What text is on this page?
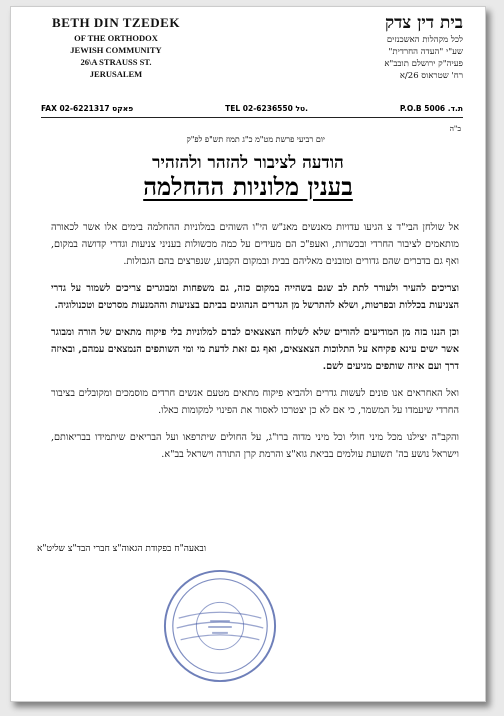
BETH DIN TZEDEK
OF THE ORTHODOX
JEWISH COMMUNITY
26\A STRAUSS ST.
JERUSALEM
בית דין צדק
לכל מקהלות האשכנזים
שע"י "העדה החרדית"
פעיה"ק ירושלם תובב"א
רח' שטראוס 26/א
FAX 02-6221317 פאקס	TEL 02-6236550 טל.	P.O.B 5006 .ת.ד
ב"ה
יום רביעי פרשת מט"מ כ"ג תמוז תש"פ לפ"ק
הודעה לציבור להזהר ולהזהיר
בענין מלוניות ההחלמה

אל שולחן הבי"ד צ הגיעו עדויות מאנשים מאנ"ש הי"ו השוהים במלוניות ההחלמה בימים אלו אשר לכאורה מותאמים לציבור החרדי ובכשרות, ואעפ"כ הם מעידים על כמה מכשולות בעניני צניעות וגדרי קדושה במקום, ואף גם בדברים שהם גדורים ומובנים מאליהם בבית ובמקום הקבוע, שנפרצים בהם הגבולות.

וצריכים להעיר ולעורר לתת לב שגם בשהייה במקום כזה, גם משפחות ומבוגרים צריכים לשמור על גדרי הצניעות בכללות ובפרטות, ושלא להתרשל מן הגדרים הנהוגים בביתם בצניעות וההמנעות מסרטים וטכנולוגיה.

וכן הננו בזה מן המודיעים להורים שלא לשלוח הצאצאים לבדם למלוניות בלי פיקוח מתאים של הורה ומבוגר אשר ישים עינא פקיחא על התלוכות הצאצאים, ואף גם זאת לדעת מי ומי השותפים הנמצאים עמהם, ובאיזה דרך ועם איזה שותפים מגיעים לשם.

ואל האחראים אנו פונים לעשות גדרים ולהביא פיקוח מתאים מטעם אנשים חרדים מוסמכים ומקובלים בציבור החרדי שיעמדו על המשמר, כי אם לא כן יצטרכו לאסור את הפינוי למקומות כאלו.

והקב"ה יצילנו מכל מיני חולי וכל מיני מדוה ברו"ג, על החולים שיתרפאו ועל הבריאים שיתמידו בבריאותם, וישראל נושע בה' תשועת עולמים בביאת גוא"צ והרמת קרן התורה וישראל בב"א.

ובאעה"ח בפקודת הגאוה"צ חברי הבד"צ שליט"א
